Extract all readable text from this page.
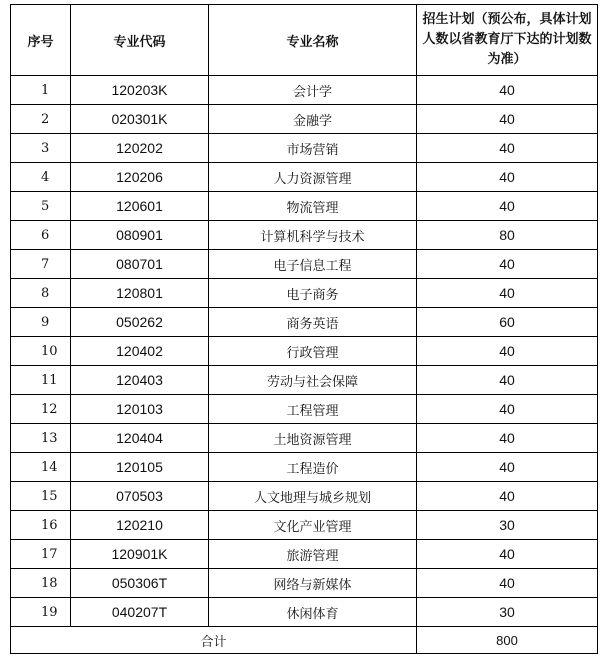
序号	专业代码	专业名称	招生计划（预公布，具体计划人数以省教育厅下达的计划数为准）
1	120203K	会计学	40
2	020301K	金融学	40
3	120202	市场营销	40
4	120206	人力资源管理	40
5	120601	物流管理	40
6	080901	计算机科学与技术	80
7	080701	电子信息工程	40
8	120801	电子商务	40
9	050262	商务英语	60
10	120402	行政管理	40
11	120403	劳动与社会保障	40
12	120103	工程管理	40
13	120404	土地资源管理	40
14	120105	工程造价	40
15	070503	人文地理与城乡规划	40
16	120210	文化产业管理	30
17	120901K	旅游管理	40
18	050306T	网络与新媒体	40
19	040207T	休闲体育	30
合计			800
